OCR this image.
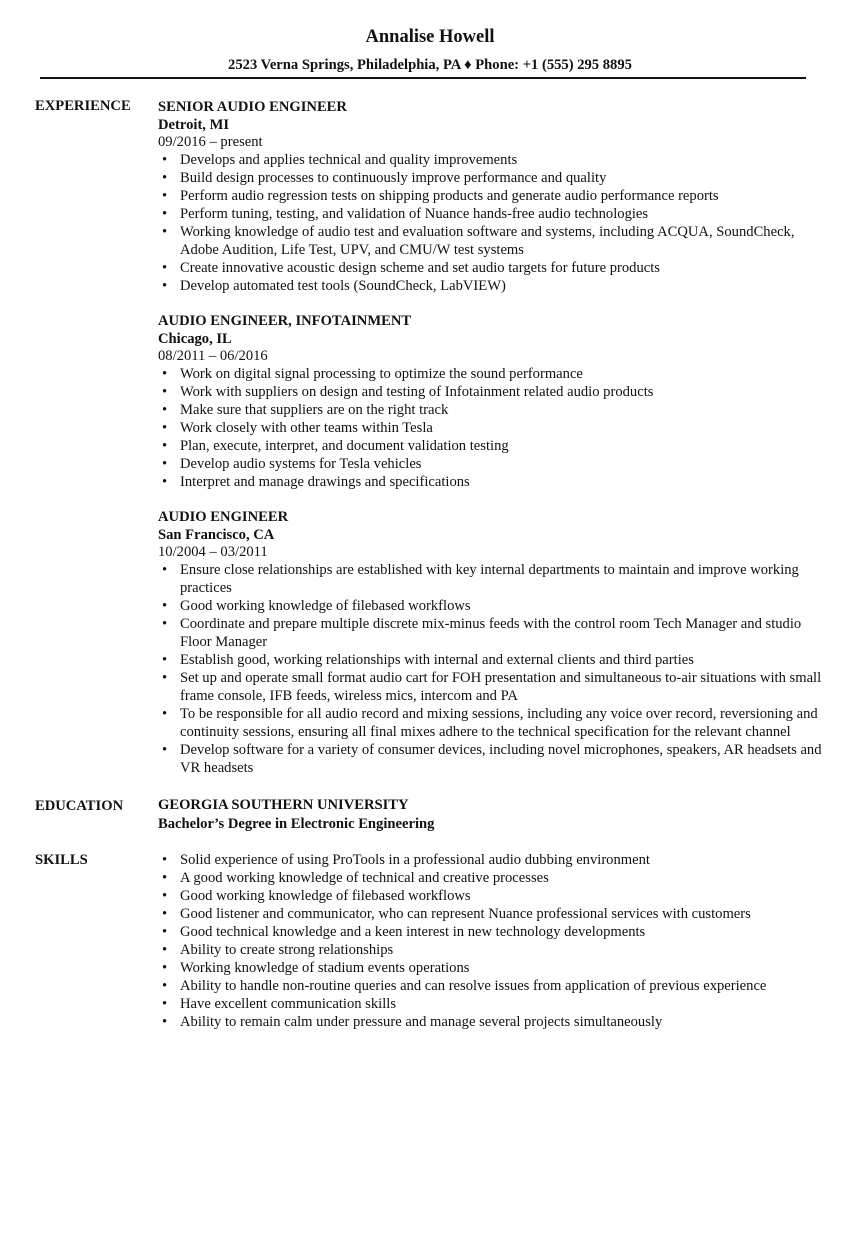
Annalise Howell
2523 Verna Springs, Philadelphia, PA ♦ Phone: +1 (555) 295 8895
EXPERIENCE	SENIOR AUDIO ENGINEER
Detroit, MI
09/2016 – present
• Develops and applies technical and quality improvements
• Build design processes to continuously improve performance and quality
• Perform audio regression tests on shipping products and generate audio performance reports
• Perform tuning, testing, and validation of Nuance hands-free audio technologies
• Working knowledge of audio test and evaluation software and systems, including ACQUA, SoundCheck, Adobe Audition, Life Test, UPV, and CMU/W test systems
• Create innovative acoustic design scheme and set audio targets for future products
• Develop automated test tools (SoundCheck, LabVIEW)
AUDIO ENGINEER, INFOTAINMENT
Chicago, IL
08/2011 – 06/2016
• Work on digital signal processing to optimize the sound performance
• Work with suppliers on design and testing of Infotainment related audio products
• Make sure that suppliers are on the right track
• Work closely with other teams within Tesla
• Plan, execute, interpret, and document validation testing
• Develop audio systems for Tesla vehicles
• Interpret and manage drawings and specifications
AUDIO ENGINEER
San Francisco, CA
10/2004 – 03/2011
• Ensure close relationships are established with key internal departments to maintain and improve working practices
• Good working knowledge of filebased workflows
• Coordinate and prepare multiple discrete mix-minus feeds with the control room Tech Manager and studio Floor Manager
• Establish good, working relationships with internal and external clients and third parties
• Set up and operate small format audio cart for FOH presentation and simultaneous to-air situations with small frame console, IFB feeds, wireless mics, intercom and PA
• To be responsible for all audio record and mixing sessions, including any voice over record, reversioning and continuity sessions, ensuring all final mixes adhere to the technical specification for the relevant channel
• Develop software for a variety of consumer devices, including novel microphones, speakers, AR headsets and VR headsets
EDUCATION	GEORGIA SOUTHERN UNIVERSITY
Bachelor’s Degree in Electronic Engineering
SKILLS	• Solid experience of using ProTools in a professional audio dubbing environment
• A good working knowledge of technical and creative processes
• Good working knowledge of filebased workflows
• Good listener and communicator, who can represent Nuance professional services with customers
• Good technical knowledge and a keen interest in new technology developments
• Ability to create strong relationships
• Working knowledge of stadium events operations
• Ability to handle non-routine queries and can resolve issues from application of previous experience
• Have excellent communication skills
• Ability to remain calm under pressure and manage several projects simultaneously
